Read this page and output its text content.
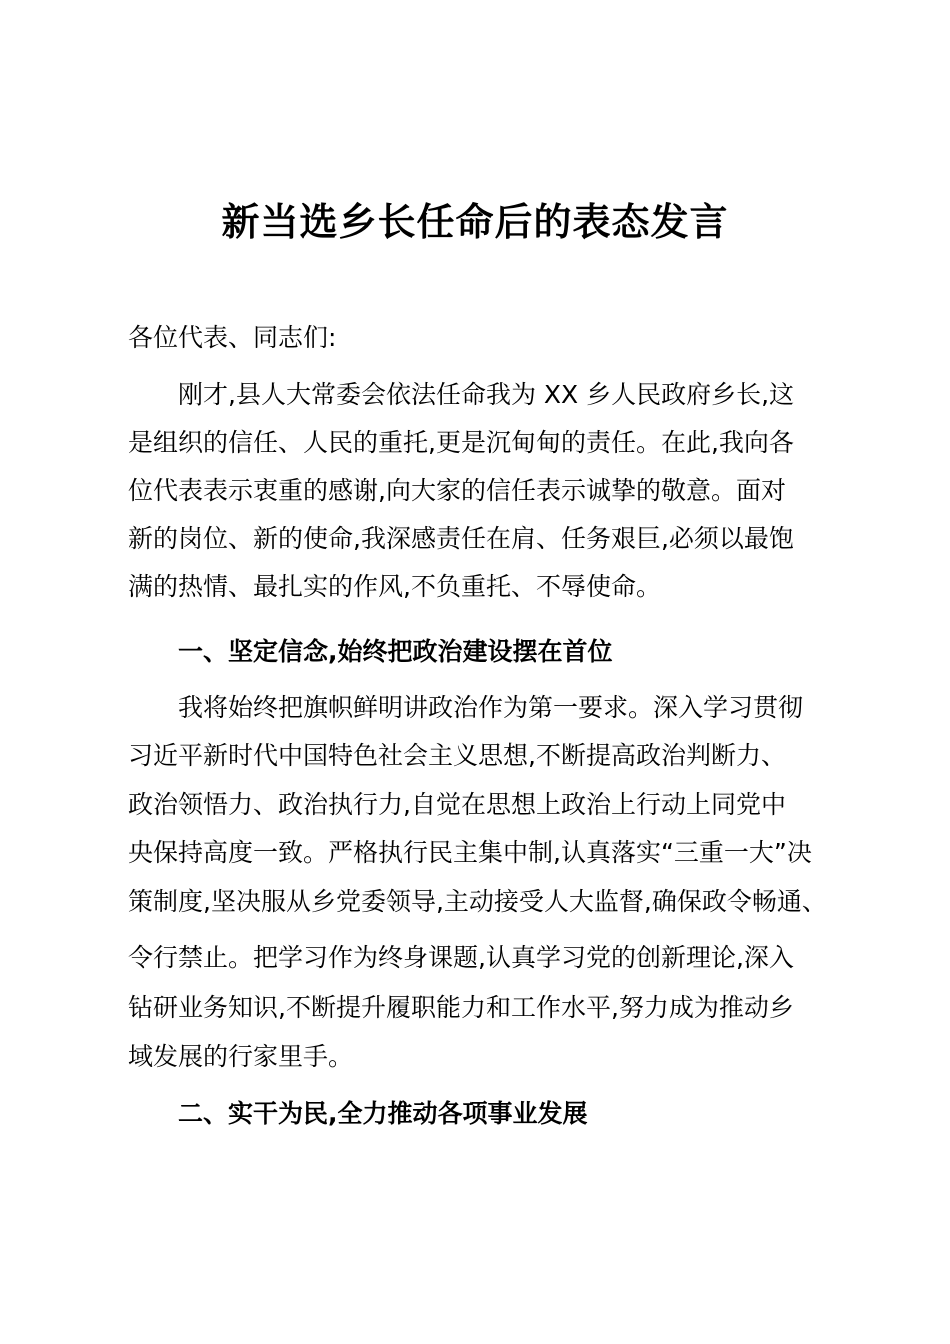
新当选乡长任命后的表态发言

各位代表、同志们:

刚才,县人大常委会依法任命我为 XX 乡人民政府乡长,这

是组织的信任、人民的重托,更是沉甸甸的责任。在此,我向各

位代表表示衷重的感谢,向大家的信任表示诚挚的敬意。面对

新的岗位、新的使命,我深感责任在肩、任务艰巨,必须以最饱

满的热情、最扎实的作风,不负重托、不辱使命。

一、坚定信念,始终把政治建设摆在首位

我将始终把旗帜鲜明讲政治作为第一要求。深入学习贯彻

习近平新时代中国特色社会主义思想,不断提高政治判断力、

政治领悟力、政治执行力,自觉在思想上政治上行动上同党中

央保持高度一致。严格执行民主集中制,认真落实“三重一大”决

策制度,坚决服从乡党委领导,主动接受人大监督,确保政令畅通、

令行禁止。把学习作为终身课题,认真学习党的创新理论,深入

钻研业务知识,不断提升履职能力和工作水平,努力成为推动乡

域发展的行家里手。

二、实干为民,全力推动各项事业发展
